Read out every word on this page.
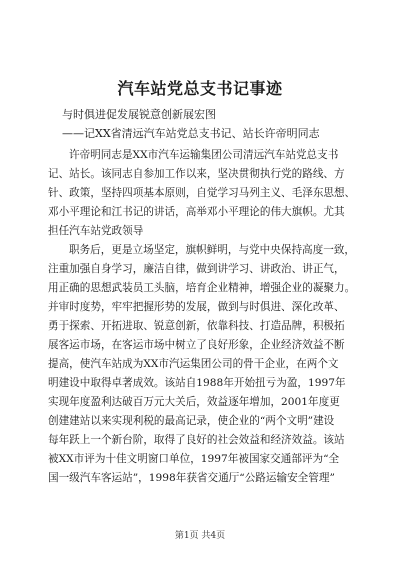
汽车站党总支书记事迹
与时俱进促发展锐意创新展宏图
——记XX省清远汽车站党总支书记、站长许帝明同志
许帝明同志是XX市汽车运输集团公司清远汽车站党总支书
记、站长。该同志自参加工作以来，坚决贯彻执行党的路线、方
针、政策，坚持四项基本原则，自觉学习马列主义、毛泽东思想、
邓小平理论和江书记的讲话，高举邓小平理论的伟大旗帜。尤其
担任汽车站党政领导
职务后，更是立场坚定，旗帜鲜明，与党中央保持高度一致，
注重加强自身学习，廉洁自律，做到讲学习、讲政治、讲正气，
用正确的思想武装员工头脑，培育企业精神，增强企业的凝聚力。
并审时度势，牢牢把握形势的发展，做到与时俱进、深化改革、
勇于探索、开拓进取、锐意创新，依靠科技、打造品牌，积极拓
展客运市场，在客运市场中树立了良好形象，企业经济效益不断
提高，使汽车站成为XX市汽运集团公司的骨干企业，在两个文
明建设中取得卓著成效。该站自1988年开始扭亏为盈，1997年
实现年度盈利达破百万元大关后，效益逐年增加，2001年度更
创建建站以来实现利税的最高记录，使企业的“两个文明”建设
每年跃上一个新台阶，取得了良好的社会效益和经济效益。该站
被XX市评为十佳文明窗口单位，1997年被国家交通部评为“全
国一级汽车客运站”，1998年获省交通厅“公路运输安全管理”
第1页 共4页
